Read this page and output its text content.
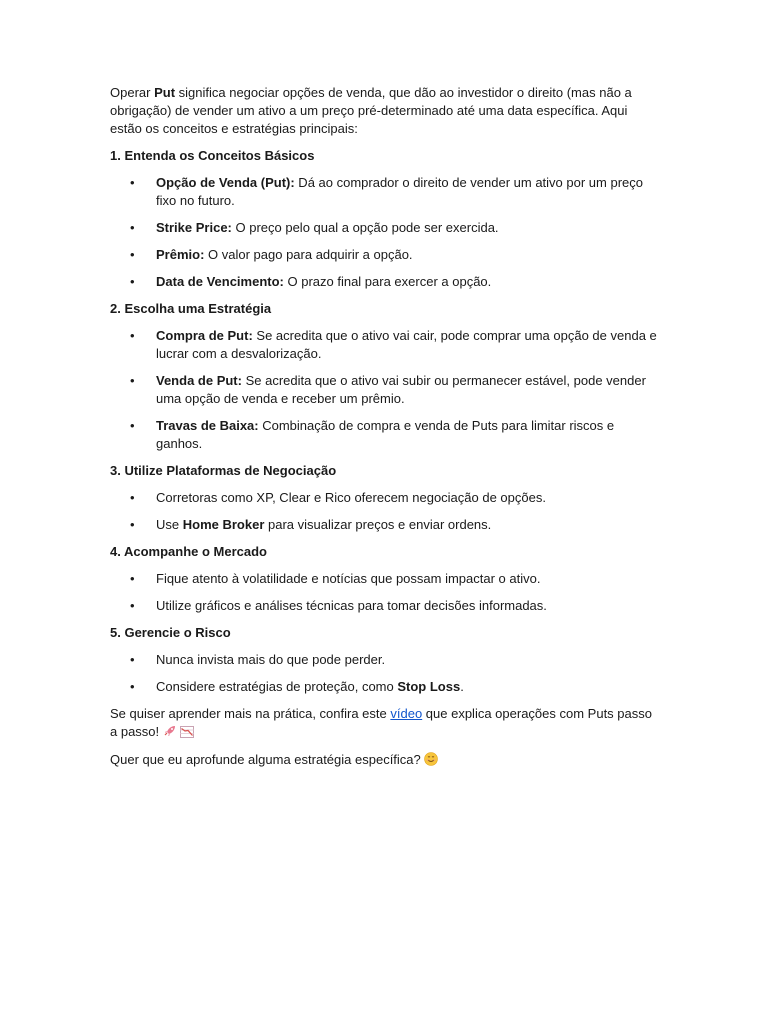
Operar Put significa negociar opções de venda, que dão ao investidor o direito (mas não a obrigação) de vender um ativo a um preço pré-determinado até uma data específica. Aqui estão os conceitos e estratégias principais:

1. Entenda os Conceitos Básicos

• Opção de Venda (Put): Dá ao comprador o direito de vender um ativo por um preço fixo no futuro.
• Strike Price: O preço pelo qual a opção pode ser exercida.
• Prêmio: O valor pago para adquirir a opção.
• Data de Vencimento: O prazo final para exercer a opção.

2. Escolha uma Estratégia

• Compra de Put: Se acredita que o ativo vai cair, pode comprar uma opção de venda e lucrar com a desvalorização.
• Venda de Put: Se acredita que o ativo vai subir ou permanecer estável, pode vender uma opção de venda e receber um prêmio.
• Travas de Baixa: Combinação de compra e venda de Puts para limitar riscos e ganhos.

3. Utilize Plataformas de Negociação

• Corretoras como XP, Clear e Rico oferecem negociação de opções.
• Use Home Broker para visualizar preços e enviar ordens.

4. Acompanhe o Mercado

• Fique atento à volatilidade e notícias que possam impactar o ativo.
• Utilize gráficos e análises técnicas para tomar decisões informadas.

5. Gerencie o Risco

• Nunca invista mais do que pode perder.
• Considere estratégias de proteção, como Stop Loss.

Se quiser aprender mais na prática, confira este vídeo que explica operações com Puts passo a passo!

Quer que eu aprofunde alguma estratégia específica?
